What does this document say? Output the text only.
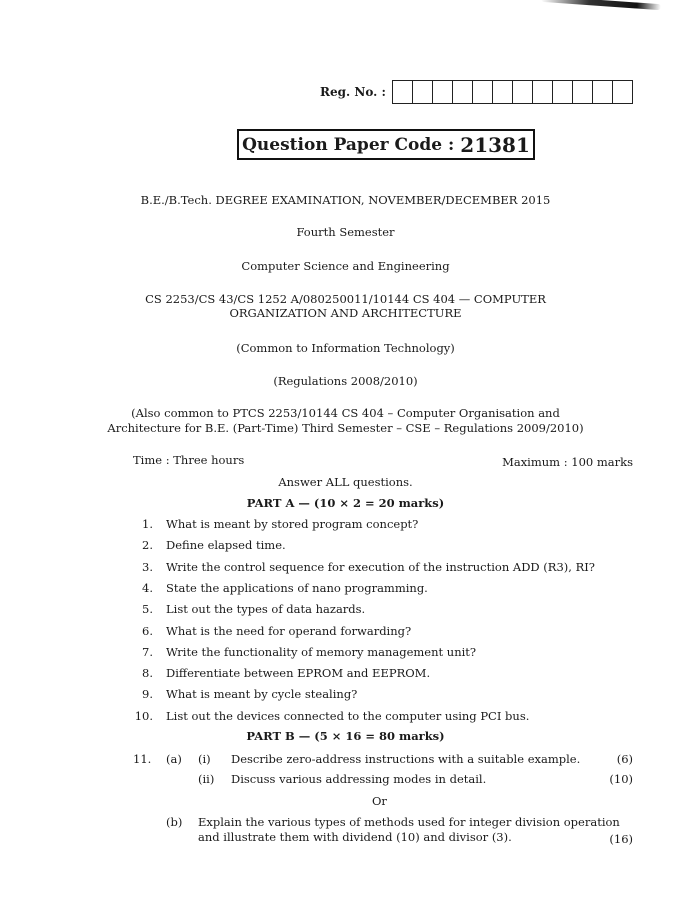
Reg. No. :
Question Paper Code : 21381
B.E./B.Tech. DEGREE EXAMINATION, NOVEMBER/DECEMBER 2015
Fourth Semester
Computer Science and Engineering
CS 2253/CS 43/CS 1252 A/080250011/10144 CS 404 — COMPUTER
ORGANIZATION AND ARCHITECTURE
(Common to Information Technology)
(Regulations 2008/2010)
(Also common to PTCS 2253/10144 CS 404 – Computer Organisation and
Architecture for B.E. (Part-Time) Third Semester – CSE – Regulations 2009/2010)
Time : Three hours	Maximum : 100 marks
Answer ALL questions.
PART A — (10 × 2 = 20 marks)
1. What is meant by stored program concept?
2. Define elapsed time.
3. Write the control sequence for execution of the instruction ADD (R3), RI?
4. State the applications of nano programming.
5. List out the types of data hazards.
6. What is the need for operand forwarding?
7. Write the functionality of memory management unit?
8. Differentiate between EPROM and EEPROM.
9. What is meant by cycle stealing?
10. List out the devices connected to the computer using PCI bus.
PART B — (5 × 16 = 80 marks)
11. (a) (i) Describe zero-address instructions with a suitable example.	(6)
(ii) Discuss various addressing modes in detail.	(10)
Or
(b) Explain the various types of methods used for integer division operation
and illustrate them with dividend (10) and divisor (3).	(16)
